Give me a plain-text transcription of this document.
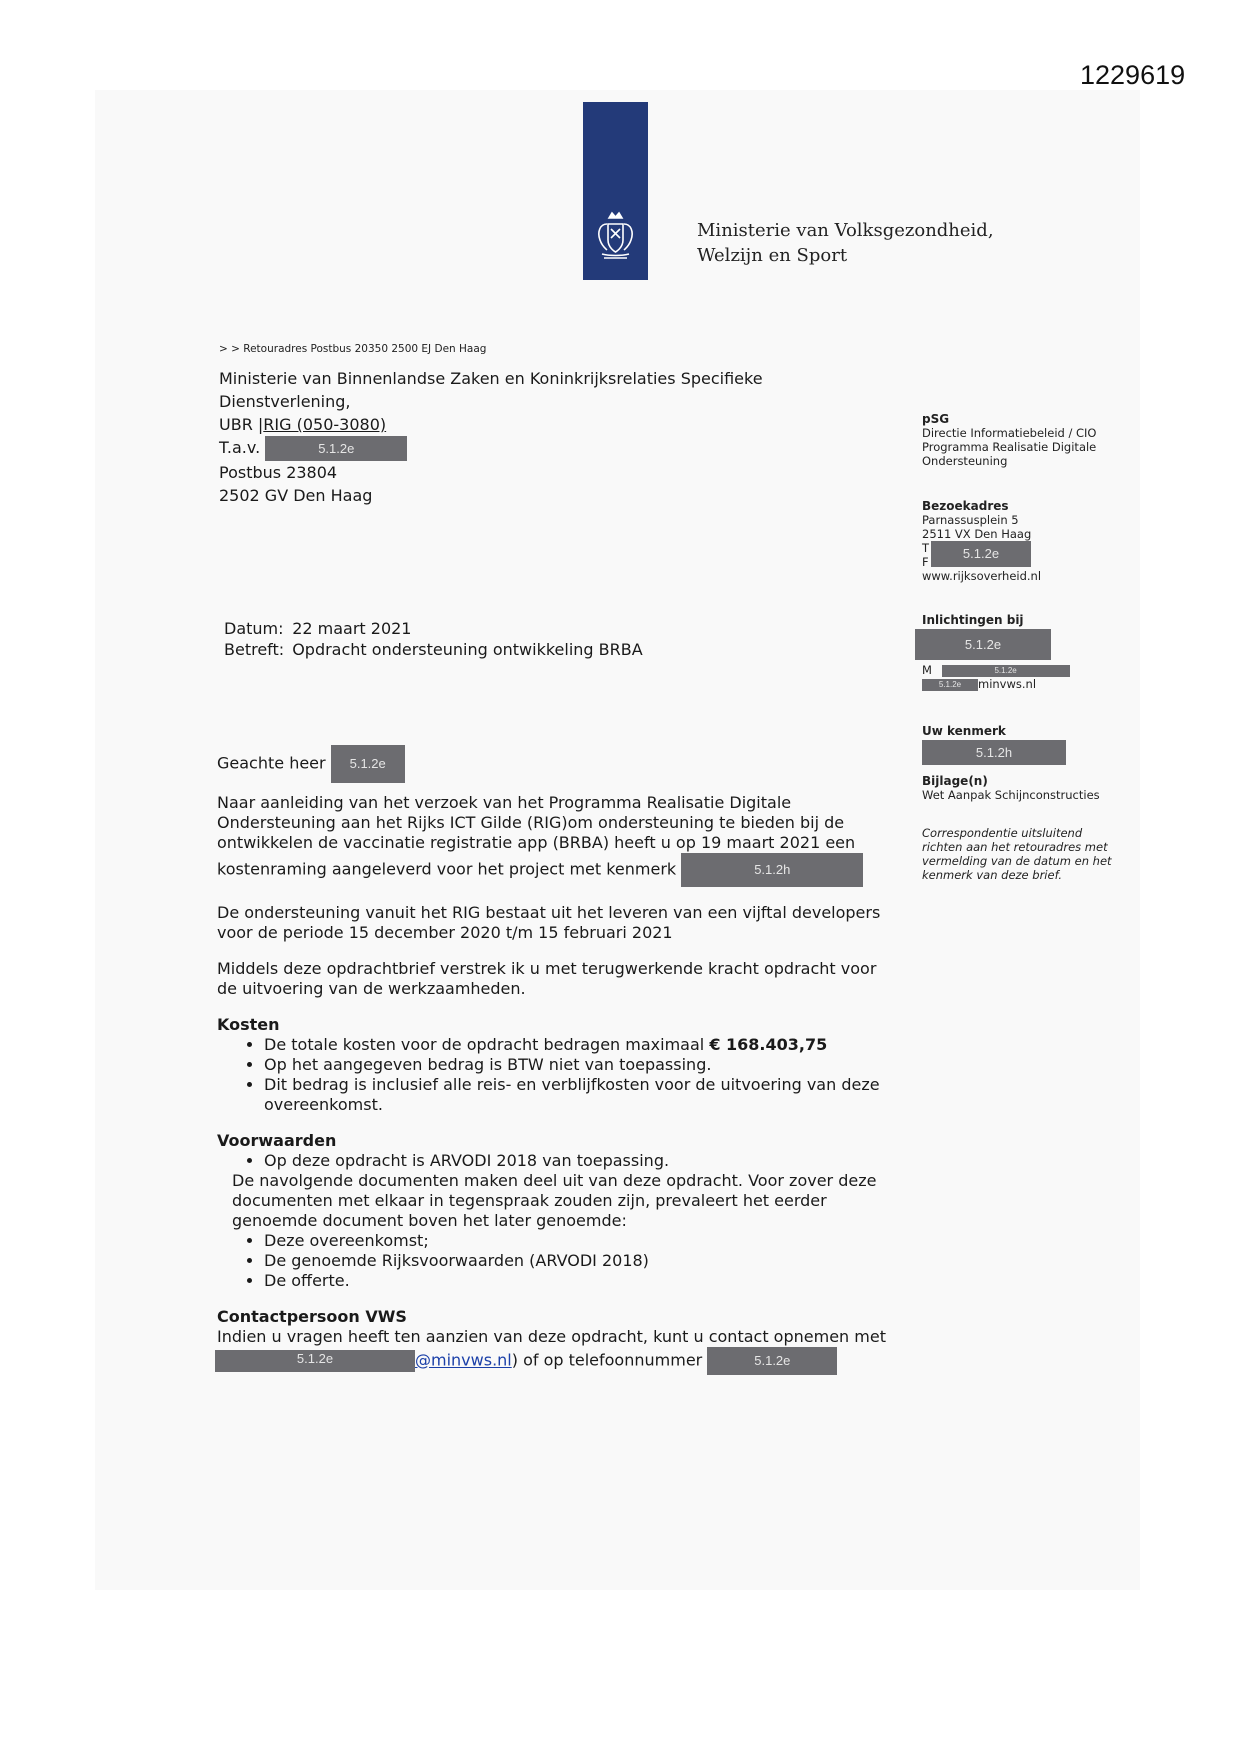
1229619
Ministerie van Volksgezondheid,
Welzijn en Sport
> > Retouradres Postbus 20350 2500 EJ Den Haag
Ministerie van Binnenlandse Zaken en Koninkrijksrelaties Specifieke
Dienstverlening,
UBR |RIG (050-3080)
T.a.v.	5.1.2e
Postbus 23804
2502 GV Den Haag
pSG
Directie Informatiebeleid / CIO
Programma Realisatie Digitale
Ondersteuning
Bezoekadres
Parnassusplein 5
2511 VX Den Haag
T
F
5.1.2e
www.rijksoverheid.nl
Inlichtingen bij
5.1.2e
M	5.1.2e
5.1.2e minvws.nl
Uw kenmerk
5.1.2h
Bijlage(n)
Wet Aanpak Schijnconstructies
Correspondentie uitsluitend
richten aan het retouradres met
vermelding van de datum en het
kenmerk van deze brief.
Datum:	22 maart 2021
Betreft:	Opdracht ondersteuning ontwikkeling BRBA

Geachte heer 5.1.2e

Naar aanleiding van het verzoek van het Programma Realisatie Digitale
Ondersteuning aan het Rijks ICT Gilde (RIG)om ondersteuning te bieden bij de
ontwikkelen de vaccinatie registratie app (BRBA) heeft u op 19 maart 2021 een
kostenraming aangeleverd voor het project met kenmerk	5.1.2h

De ondersteuning vanuit het RIG bestaat uit het leveren van een vijftal developers
voor de periode 15 december 2020 t/m 15 februari 2021

Middels deze opdrachtbrief verstrek ik u met terugwerkende kracht opdracht voor
de uitvoering van de werkzaamheden.

Kosten
• De totale kosten voor de opdracht bedragen maximaal € 168.403,75
• Op het aangegeven bedrag is BTW niet van toepassing.
• Dit bedrag is inclusief alle reis- en verblijfkosten voor de uitvoering van deze
overeenkomst.
Voorwaarden
• Op deze opdracht is ARVODI 2018 van toepassing.
De navolgende documenten maken deel uit van deze opdracht. Voor zover deze
documenten met elkaar in tegenspraak zouden zijn, prevaleert het eerder
genoemde document boven het later genoemde:
• Deze overeenkomst;
• De genoemde Rijksvoorwaarden (ARVODI 2018)
• De offerte.
Contactpersoon VWS
Indien u vragen heeft ten aanzien van deze opdracht, kunt u contact opnemen met
5.1.2e	@minvws.nl) of op telefoonnummer	5.1.2e
